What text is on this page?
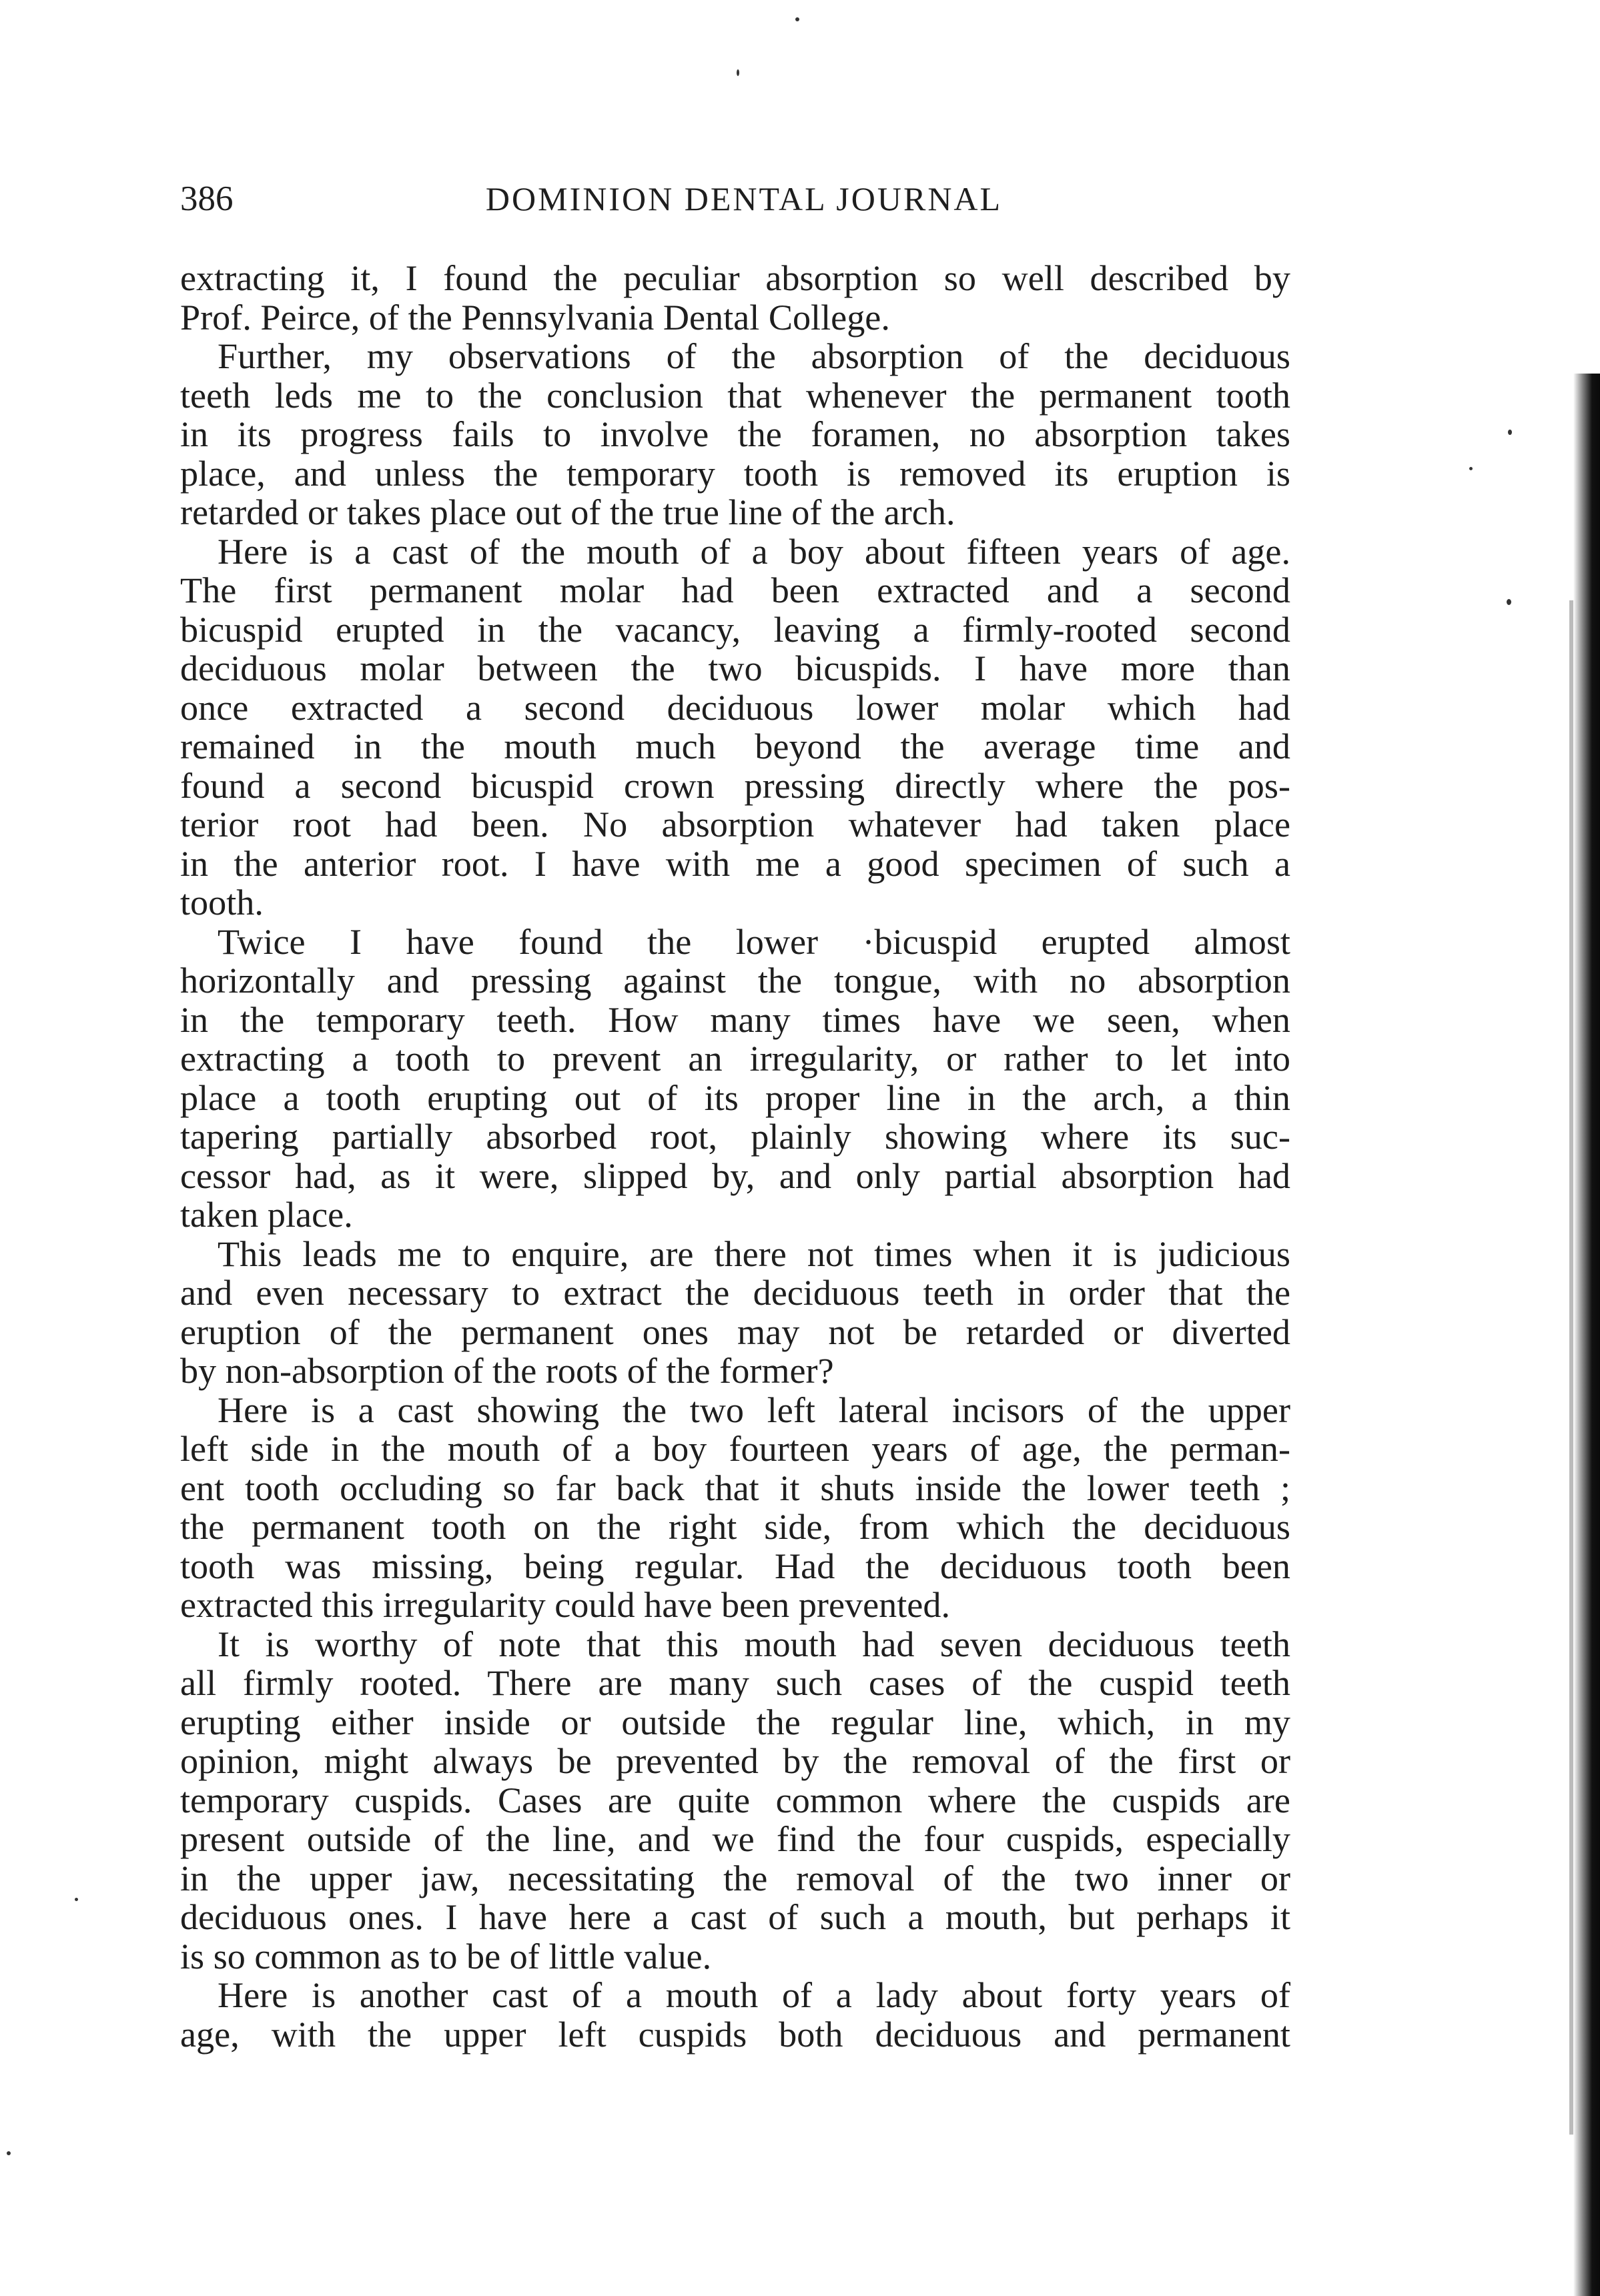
386	DOMINION DENTAL JOURNAL
extracting it, I found the peculiar absorption so well described by
Prof. Peirce, of the Pennsylvania Dental College.
Further, my observations of the absorption of the deciduous
teeth leds me to the conclusion that whenever the permanent tooth
in its progress fails to involve the foramen, no absorption takes
place, and unless the temporary tooth is removed its eruption is
retarded or takes place out of the true line of the arch.
Here is a cast of the mouth of a boy about fifteen years of age.
The first permanent molar had been extracted and a second
bicuspid erupted in the vacancy, leaving a firmly-rooted second
deciduous molar between the two bicuspids. I have more than
once extracted a second deciduous lower molar which had
remained in the mouth much beyond the average time and
found a second bicuspid crown pressing directly where the pos-
terior root had been. No absorption whatever had taken place
in the anterior root. I have with me a good specimen of such a
tooth.
Twice I have found the lower ·bicuspid erupted almost
horizontally and pressing against the tongue, with no absorption
in the temporary teeth. How many times have we seen, when
extracting a tooth to prevent an irregularity, or rather to let into
place a tooth erupting out of its proper line in the arch, a thin
tapering partially absorbed root, plainly showing where its suc-
cessor had, as it were, slipped by, and only partial absorption had
taken place.
This leads me to enquire, are there not times when it is judicious
and even necessary to extract the deciduous teeth in order that the
eruption of the permanent ones may not be retarded or diverted
by non-absorption of the roots of the former?
Here is a cast showing the two left lateral incisors of the upper
left side in the mouth of a boy fourteen years of age, the perman-
ent tooth occluding so far back that it shuts inside the lower teeth ;
the permanent tooth on the right side, from which the deciduous
tooth was missing, being regular. Had the deciduous tooth been
extracted this irregularity could have been prevented.
It is worthy of note that this mouth had seven deciduous teeth
all firmly rooted. There are many such cases of the cuspid teeth
erupting either inside or outside the regular line, which, in my
opinion, might always be prevented by the removal of the first or
temporary cuspids. Cases are quite common where the cuspids are
present outside of the line, and we find the four cuspids, especially
in the upper jaw, necessitating the removal of the two inner or
deciduous ones. I have here a cast of such a mouth, but perhaps it
is so common as to be of little value.
Here is another cast of a mouth of a lady about forty years of
age, with the upper left cuspids both deciduous and permanent
